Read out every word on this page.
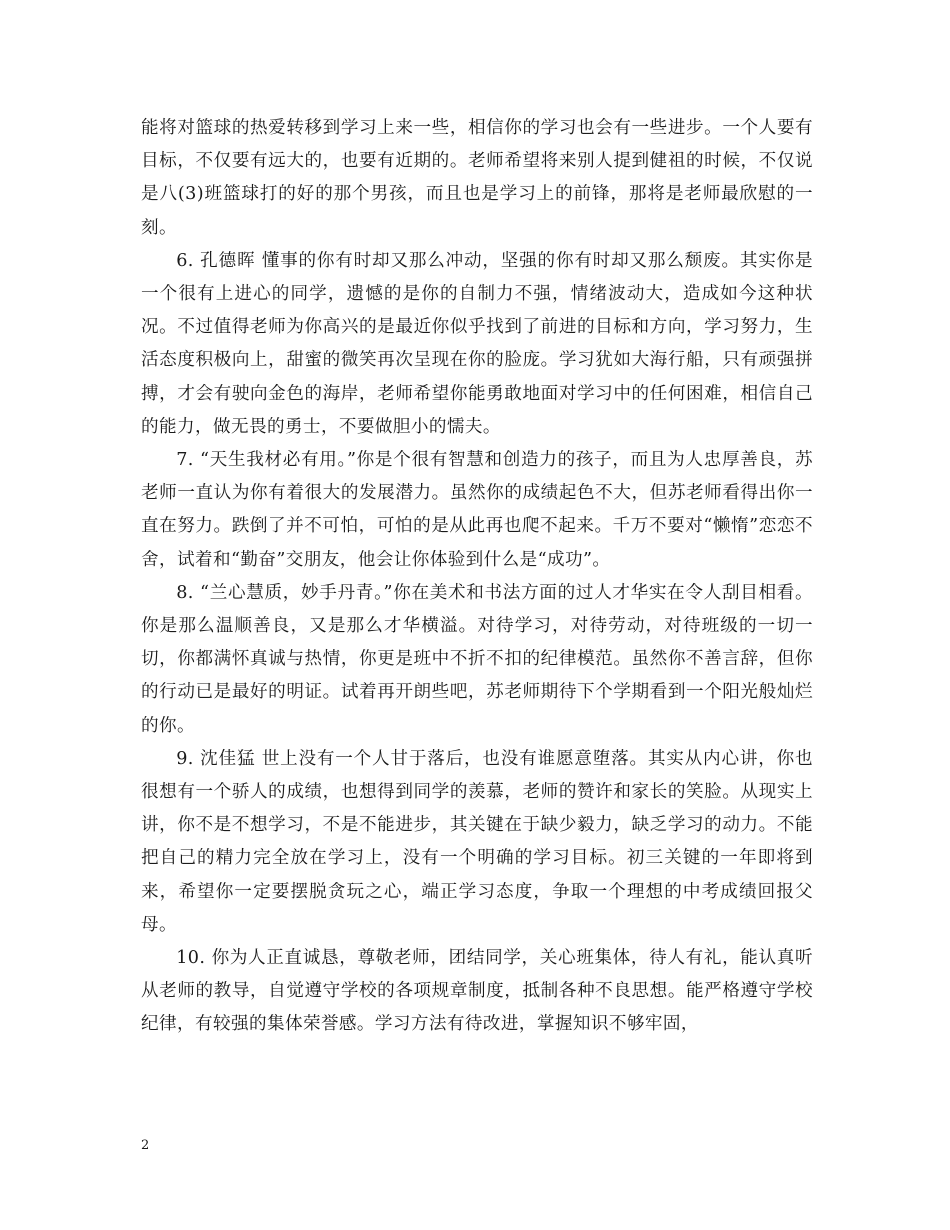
能将对篮球的热爱转移到学习上来一些，相信你的学习也会有一些进步。一个人要有目标，不仅要有远大的，也要有近期的。老师希望将来别人提到健祖的时候，不仅说是八(3)班篮球打的好的那个男孩，而且也是学习上的前锋，那将是老师最欣慰的一刻。

6. 孔德晖 懂事的你有时却又那么冲动，坚强的你有时却又那么颓废。其实你是一个很有上进心的同学，遗憾的是你的自制力不强，情绪波动大，造成如今这种状况。不过值得老师为你高兴的是最近你似乎找到了前进的目标和方向，学习努力，生活态度积极向上，甜蜜的微笑再次呈现在你的脸庞。学习犹如大海行船，只有顽强拼搏，才会有驶向金色的海岸，老师希望你能勇敢地面对学习中的任何困难，相信自己的能力，做无畏的勇士，不要做胆小的懦夫。

7. “天生我材必有用。”你是个很有智慧和创造力的孩子，而且为人忠厚善良，苏老师一直认为你有着很大的发展潜力。虽然你的成绩起色不大，但苏老师看得出你一直在努力。跌倒了并不可怕，可怕的是从此再也爬不起来。千万不要对“懒惰”恋恋不舍，试着和“勤奋”交朋友，他会让你体验到什么是“成功”。

8. “兰心慧质，妙手丹青。”你在美术和书法方面的过人才华实在令人刮目相看。你是那么温顺善良，又是那么才华横溢。对待学习，对待劳动，对待班级的一切一切，你都满怀真诚与热情，你更是班中不折不扣的纪律模范。虽然你不善言辞，但你的行动已是最好的明证。试着再开朗些吧，苏老师期待下个学期看到一个阳光般灿烂的你。

9. 沈佳猛 世上没有一个人甘于落后，也没有谁愿意堕落。其实从内心讲，你也很想有一个骄人的成绩，也想得到同学的羡慕，老师的赞许和家长的笑脸。从现实上讲，你不是不想学习，不是不能进步，其关键在于缺少毅力，缺乏学习的动力。不能把自己的精力完全放在学习上，没有一个明确的学习目标。初三关键的一年即将到来，希望你一定要摆脱贪玩之心，端正学习态度，争取一个理想的中考成绩回报父母。

10. 你为人正直诚恳，尊敬老师，团结同学，关心班集体，待人有礼，能认真听从老师的教导，自觉遵守学校的各项规章制度，抵制各种不良思想。能严格遵守学校纪律，有较强的集体荣誉感。学习方法有待改进，掌握知识不够牢固，

2
